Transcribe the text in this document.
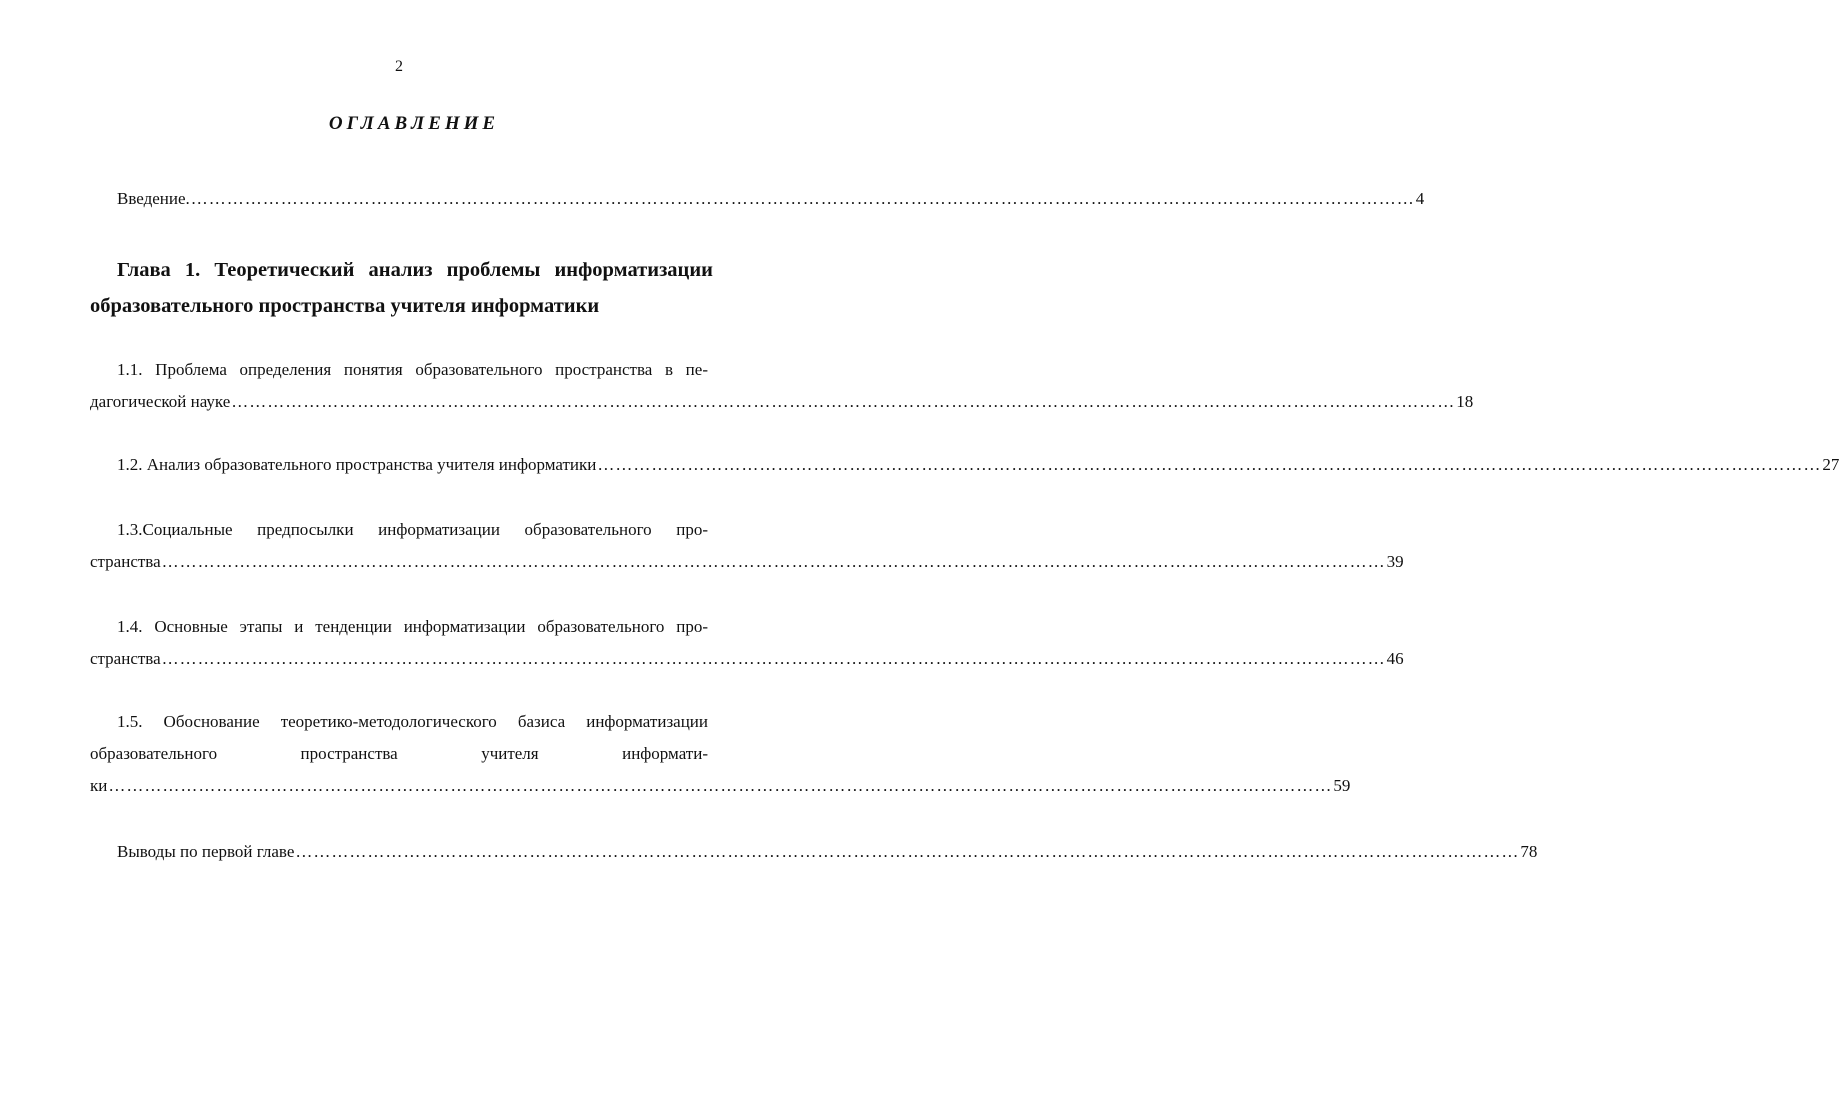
2
ОГЛАВЛЕНИЕ
Введение. …………………………………………………………………………………………………………………………………………………………………………………… 4
Глава 1. Теоретический анализ проблемы информатизации
образовательного пространства учителя информатики
1.1. Проблема определения понятия образовательного пространства в пе-
дагогической науке …………………………………………………………………………………………………………………………………………………………………………………… 18
1.2. Анализ образовательного пространства учителя информатики …………………………………………………………………………………………………………………………………………………………………………………… 27
1.3.Социальные предпосылки информатизации образовательного про-
странства …………………………………………………………………………………………………………………………………………………………………………………… 39
1.4. Основные этапы и тенденции информатизации образовательного про-
странства …………………………………………………………………………………………………………………………………………………………………………………… 46
1.5. Обоснование теоретико-методологического базиса информатизации
образовательного	пространства	учителя	информати-
ки …………………………………………………………………………………………………………………………………………………………………………………… 59
Выводы по первой главе …………………………………………………………………………………………………………………………………………………………………………………… 78
